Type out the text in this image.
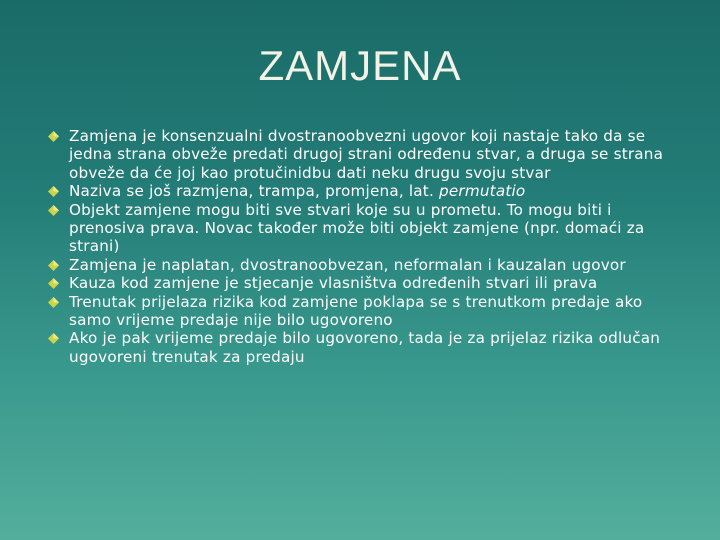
ZAMJENA
Zamjena je konsenzualni dvostranoobvezni ugovor koji nastaje tako da se jedna strana obveže predati drugoj strani određenu stvar, a druga se strana obveže da će joj kao protučinidbu dati neku drugu svoju stvar
Naziva se još razmjena, trampa, promjena, lat. permutatio
Objekt zamjene mogu biti sve stvari koje su u prometu. To mogu biti i prenosiva prava. Novac također može biti objekt zamjene (npr. domaći za strani)
Zamjena je naplatan, dvostranoobvezan, neformalan i kauzalan ugovor
Kauza kod zamjene je stjecanje vlasništva određenih stvari ili prava
Trenutak prijelaza rizika kod zamjene poklapa se s trenutkom predaje ako samo vrijeme predaje nije bilo ugovoreno
Ako je pak vrijeme predaje bilo ugovoreno, tada je za prijelaz rizika odlučan ugovoreni trenutak za predaju
